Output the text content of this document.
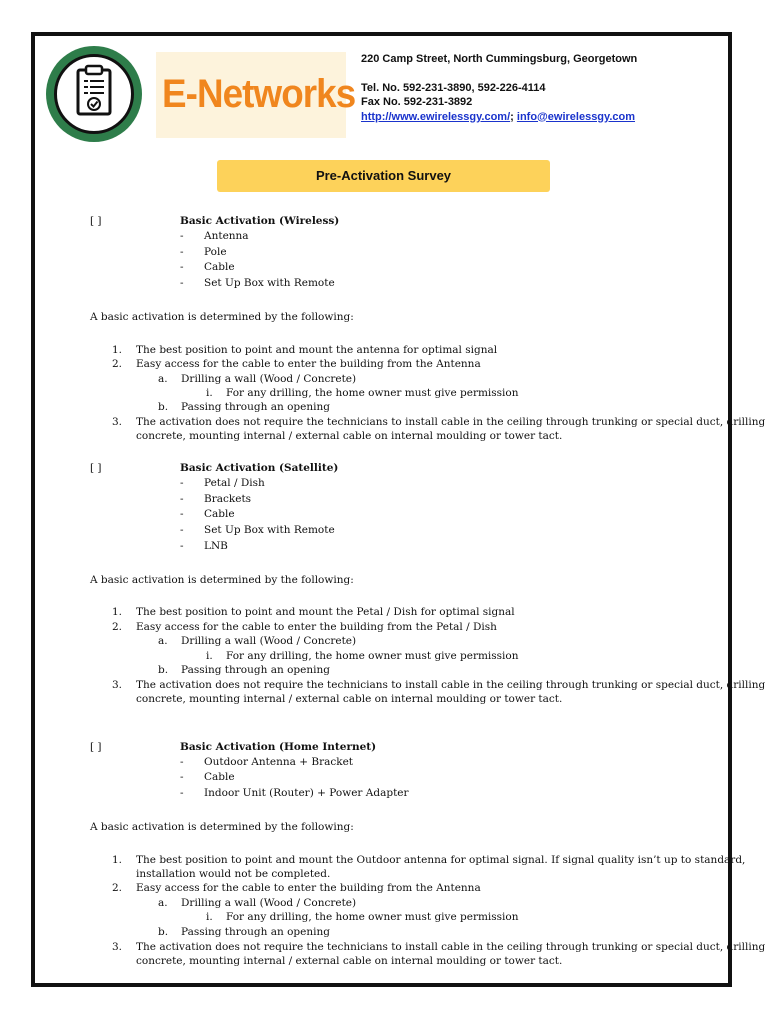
E-Networks
220 Camp Street, North Cummingsburg, Georgetown
Tel. No. 592-231-3890, 592-226-4114
Fax No. 592-231-3892
http://www.ewirelessgy.com/; info@ewirelessgy.com
Pre-Activation Survey
[ ]	Basic Activation (Wireless)
- Antenna
- Pole
- Cable
- Set Up Box with Remote
A basic activation is determined by the following:
1. The best position to point and mount the antenna for optimal signal
2. Easy access for the cable to enter the building from the Antenna
a. Drilling a wall (Wood / Concrete)
i. For any drilling, the home owner must give permission
b. Passing through an opening
3. The activation does not require the technicians to install cable in the ceiling through trunking or special duct, drilling
concrete, mounting internal / external cable on internal moulding or tower tact.
[ ]	Basic Activation (Satellite)
- Petal / Dish
- Brackets
- Cable
- Set Up Box with Remote
- LNB
A basic activation is determined by the following:
1. The best position to point and mount the Petal / Dish for optimal signal
2. Easy access for the cable to enter the building from the Petal / Dish
a. Drilling a wall (Wood / Concrete)
i. For any drilling, the home owner must give permission
b. Passing through an opening
3. The activation does not require the technicians to install cable in the ceiling through trunking or special duct, drilling
concrete, mounting internal / external cable on internal moulding or tower tact.
[ ]	Basic Activation (Home Internet)
- Outdoor Antenna + Bracket
- Cable
- Indoor Unit (Router) + Power Adapter
A basic activation is determined by the following:
1. The best position to point and mount the Outdoor antenna for optimal signal. If signal quality isn’t up to standard,
installation would not be completed.
2. Easy access for the cable to enter the building from the Antenna
a. Drilling a wall (Wood / Concrete)
i. For any drilling, the home owner must give permission
b. Passing through an opening
3. The activation does not require the technicians to install cable in the ceiling through trunking or special duct, drilling
concrete, mounting internal / external cable on internal moulding or tower tact.
